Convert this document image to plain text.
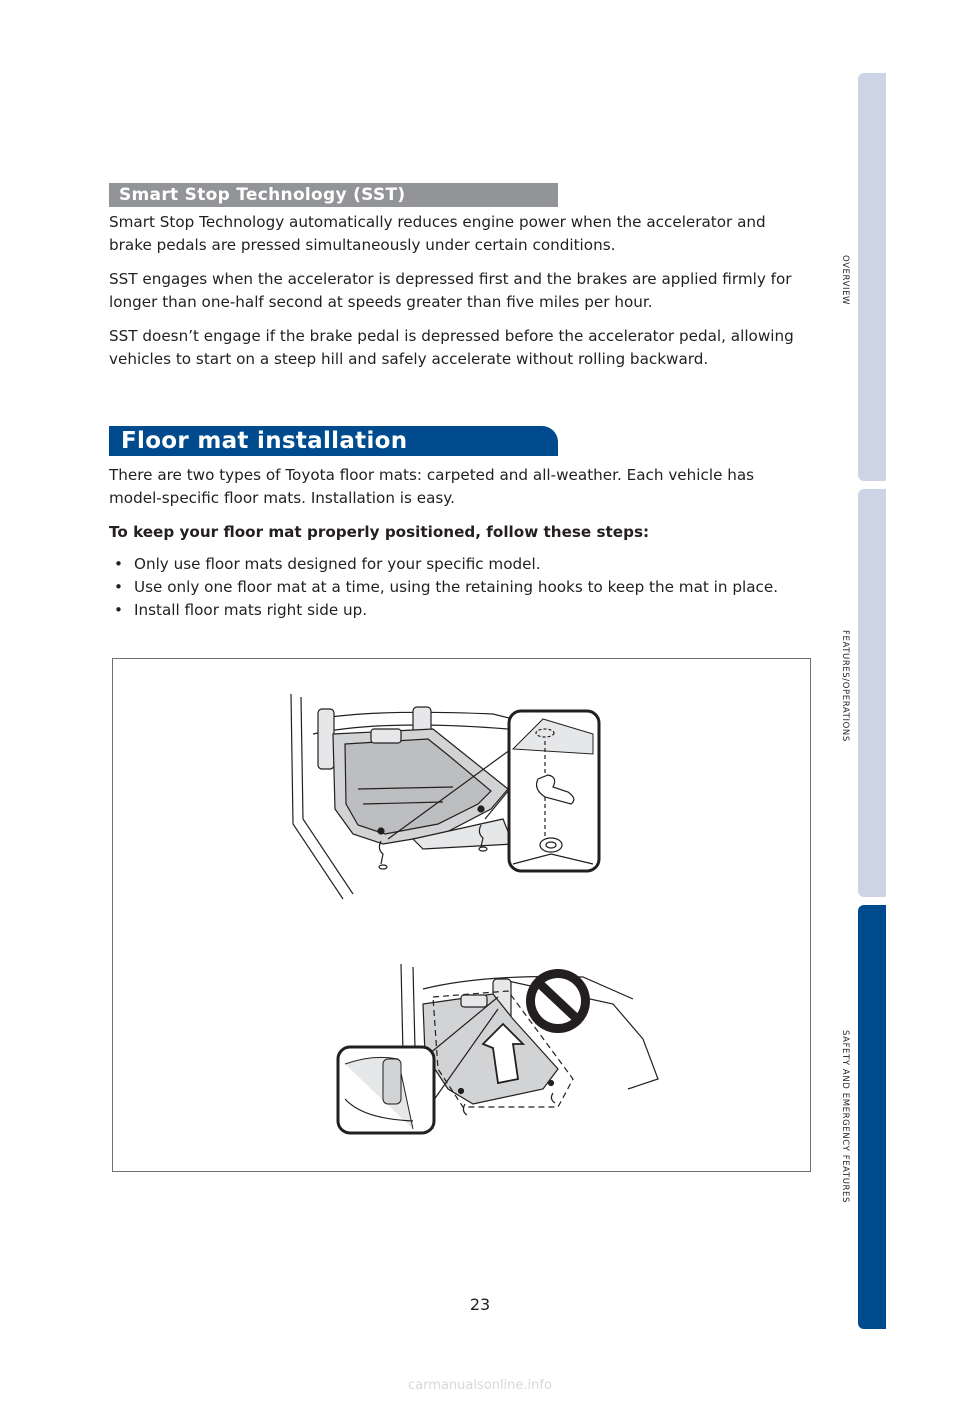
Smart Stop Technology (SST)

Smart Stop Technology automatically reduces engine power when the accelerator and brake pedals are pressed simultaneously under certain conditions.

SST engages when the accelerator is depressed first and the brakes are applied firmly for longer than one-half second at speeds greater than five miles per hour.

SST doesn’t engage if the brake pedal is depressed before the accelerator pedal, allowing vehicles to start on a steep hill and safely accelerate without rolling backward.

Floor mat installation

There are two types of Toyota floor mats: carpeted and all-weather. Each vehicle has model-specific floor mats. Installation is easy.

To keep your floor mat properly positioned, follow these steps:

• Only use floor mats designed for your specific model.
• Use only one floor mat at a time, using the retaining hooks to keep the mat in place.
• Install floor mats right side up.
23
OVERVIEW
FEATURES/OPERATIONS
SAFETY AND EMERGENCY FEATURES
carmanualsonline.info
